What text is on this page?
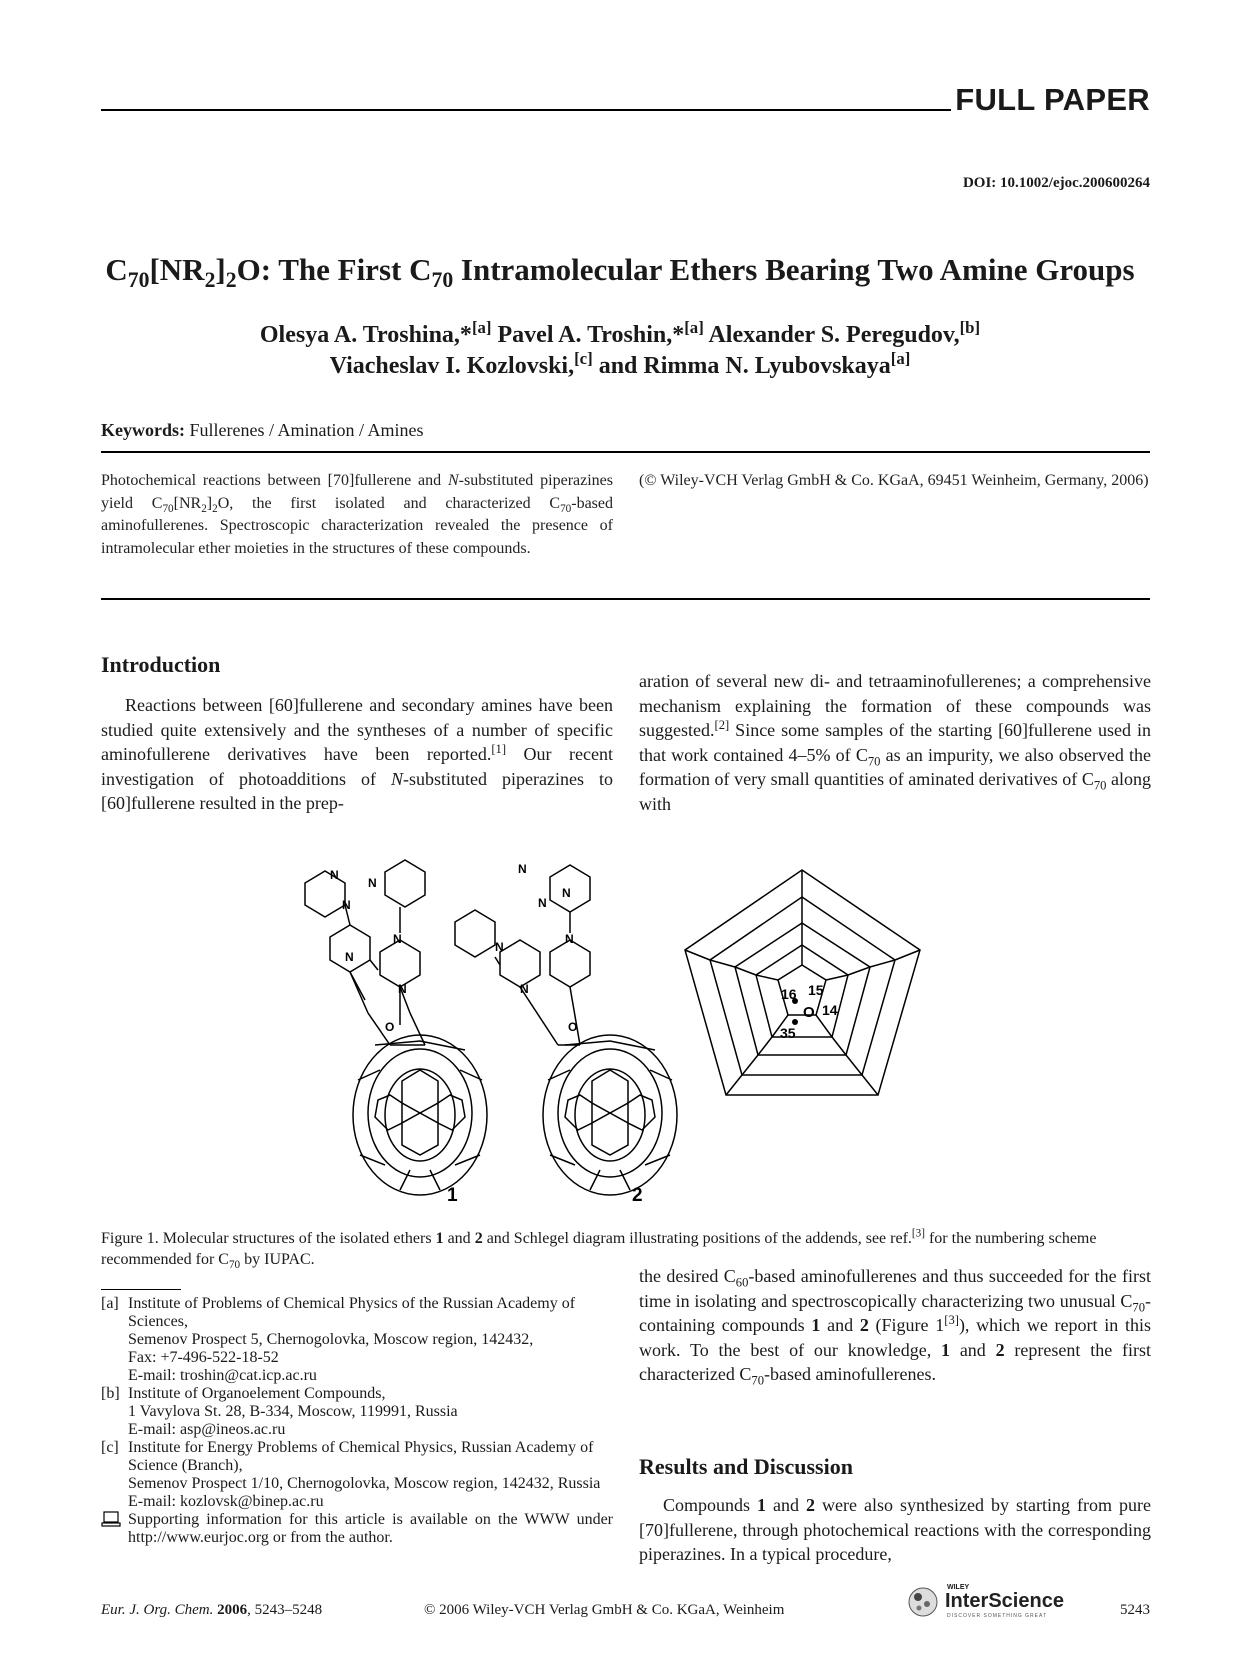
FULL PAPER
DOI: 10.1002/ejoc.200600264
$C_{70}[NR_2]_2O$: The First $C_{70}$ Intramolecular Ethers Bearing Two Amine Groups
Olesya A. Troshina,*[a] Pavel A. Troshin,*[a] Alexander S. Peregudov,[b]
Viacheslav I. Kozlovski,[c] and Rimma N. Lyubovskaya[a]
Keywords: Fullerenes / Amination / Amines
Photochemical reactions between [70]fullerene and N-substituted piperazines yield $C_{70}[NR_2]_2O$, the first isolated and characterized $C_{70}$-based aminofullerenes. Spectroscopic characterization revealed the presence of intramolecular ether moieties in the structures of these compounds.
(© Wiley-VCH Verlag GmbH & Co. KGaA, 69451 Weinheim, Germany, 2006)
Introduction
Reactions between [60]fullerene and secondary amines have been studied quite extensively and the syntheses of a number of specific aminofullerene derivatives have been reported.[1] Our recent investigation of photoadditions of N-substituted piperazines to [60]fullerene resulted in the prep-
aration of several new di- and tetraaminofullerenes; a comprehensive mechanism explaining the formation of these compounds was suggested.[2] Since some samples of the starting [60]fullerene used in that work contained 4–5% of $C_{70}$ as an impurity, we also observed the formation of very small quantities of aminated derivatives of $C_{70}$ along with
N
N
N
N
N
N
N
N
N
N
N
N
O	O
16 15
14
35
O
1	2
Figure 1. Molecular structures of the isolated ethers 1 and 2 and Schlegel diagram illustrating positions of the addends, see ref.[3] for the numbering scheme recommended for $C_{70}$ by IUPAC.
[a] Institute of Problems of Chemical Physics of the Russian Academy of Sciences,
Semenov Prospect 5, Chernogolovka, Moscow region, 142432,
Fax: +7-496-522-18-52
E-mail: troshin@cat.icp.ac.ru
[b] Institute of Organoelement Compounds,
1 Vavylova St. 28, B-334, Moscow, 119991, Russia
E-mail: asp@ineos.ac.ru
[c] Institute for Energy Problems of Chemical Physics, Russian Academy of Science (Branch),
Semenov Prospect 1/10, Chernogolovka, Moscow region, 142432, Russia
E-mail: kozlovsk@binep.ac.ru
Supporting information for this article is available on the WWW under http://www.eurjoc.org or from the author.
the desired $C_{60}$-based aminofullerenes and thus succeeded for the first time in isolating and spectroscopically characterizing two unusual $C_{70}$-containing compounds 1 and 2 (Figure 1[3]), which we report in this work. To the best of our knowledge, 1 and 2 represent the first characterized $C_{70}$-based aminofullerenes.
Results and Discussion
Compounds 1 and 2 were also synthesized by starting from pure [70]fullerene, through photochemical reactions with the corresponding piperazines. In a typical procedure,
Eur. J. Org. Chem. 2006, 5243–5248	© 2006 Wiley-VCH Verlag GmbH & Co. KGaA, Weinheim
WILEY
InterScience
DISCOVER SOMETHING GREAT	5243
